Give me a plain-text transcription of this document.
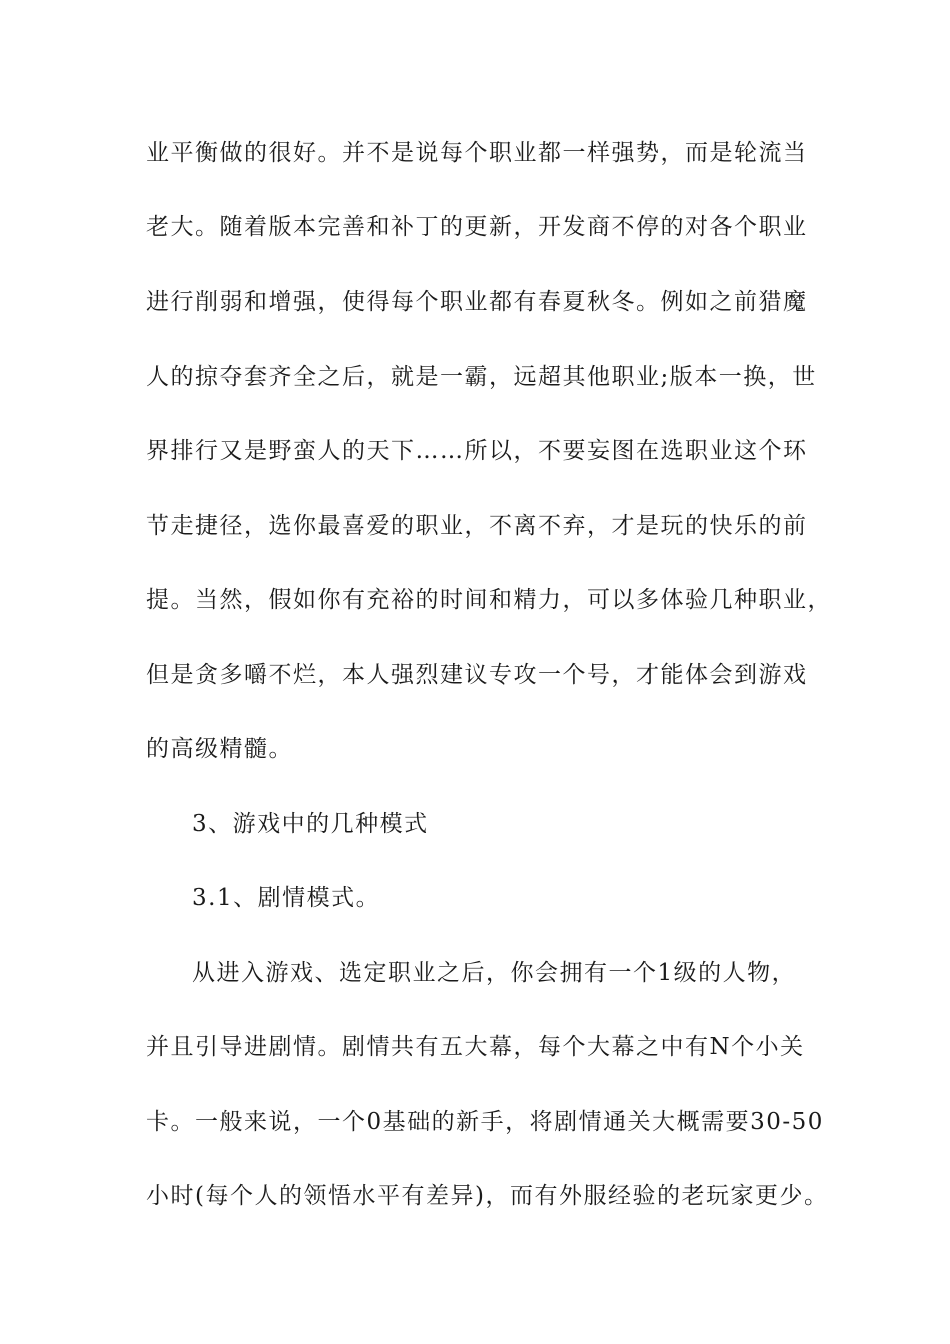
业平衡做的很好。并不是说每个职业都一样强势，而是轮流当
老大。随着版本完善和补丁的更新，开发商不停的对各个职业
进行削弱和增强，使得每个职业都有春夏秋冬。例如之前猎魔
人的掠夺套齐全之后，就是一霸，远超其他职业;版本一换，世
界排行又是野蛮人的天下……所以，不要妄图在选职业这个环
节走捷径，选你最喜爱的职业，不离不弃，才是玩的快乐的前
提。当然，假如你有充裕的时间和精力，可以多体验几种职业，
但是贪多嚼不烂，本人强烈建议专攻一个号，才能体会到游戏
的高级精髓。
3、游戏中的几种模式
3.1、剧情模式。
从进入游戏、选定职业之后，你会拥有一个1级的人物，
并且引导进剧情。剧情共有五大幕，每个大幕之中有N个小关
卡。一般来说，一个0基础的新手，将剧情通关大概需要30-50
小时(每个人的领悟水平有差异)，而有外服经验的老玩家更少。
